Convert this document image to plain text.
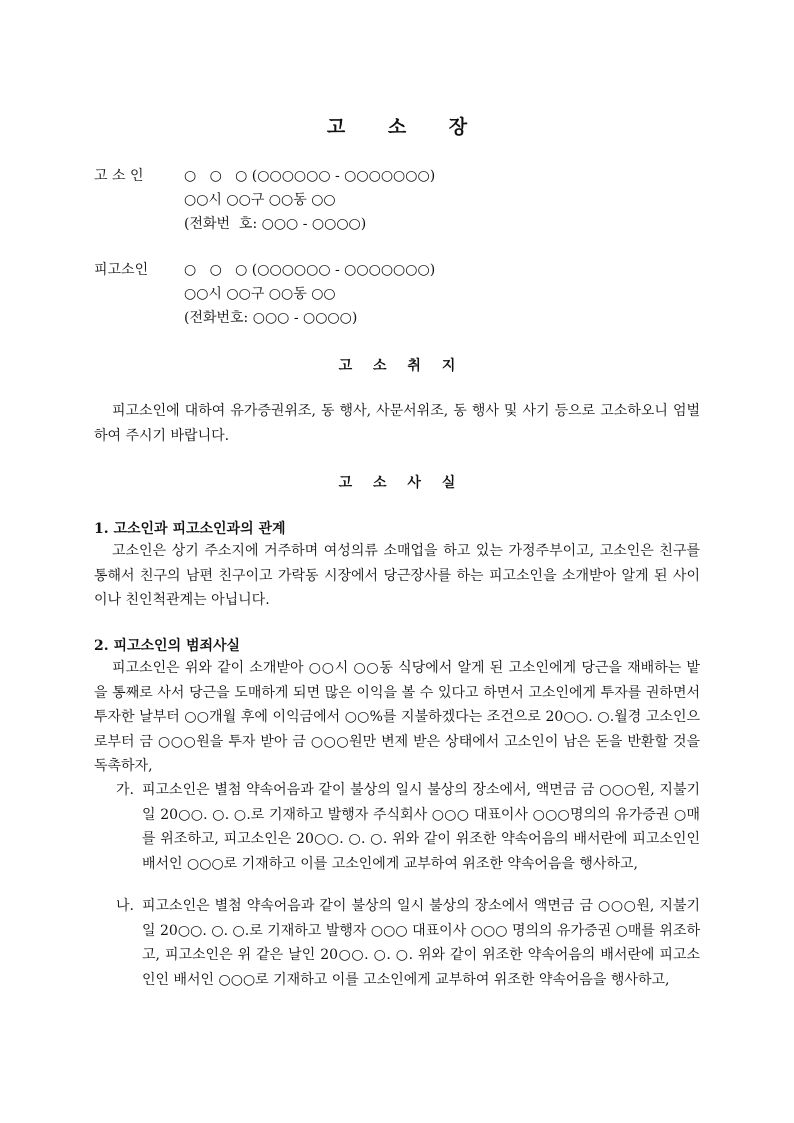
고 소 장
고 소 인	○   ○   ○ (○○○○○○ - ○○○○○○○)
○○시 ○○구 ○○동 ○○
(전화번  호: ○○○ - ○○○○)
피고소인	○   ○   ○ (○○○○○○ - ○○○○○○○)
○○시 ○○구 ○○동 ○○
(전화번호: ○○○ - ○○○○)
고 소 취 지
피고소인에 대하여 유가증권위조, 동 행사, 사문서위조, 동 행사 및 사기 등으로 고소하오니 엄벌하여 주시기 바랍니다.
고 소 사 실
1. 고소인과 피고소인과의 관계
고소인은 상기 주소지에 거주하며 여성의류 소매업을 하고 있는 가정주부이고, 고소인은 친구를 통해서 친구의 남편 친구이고 가락동 시장에서 당근장사를 하는 피고소인을 소개받아 알게 된 사이이나 친인척관계는 아닙니다.
2. 피고소인의 범죄사실
피고소인은 위와 같이 소개받아 ○○시 ○○동 식당에서 알게 된 고소인에게 당근을 재배하는 밭을 통째로 사서 당근을 도매하게 되면 많은 이익을 볼 수 있다고 하면서 고소인에게 투자를 권하면서 투자한 날부터 ○○개월 후에 이익금에서 ○○%를 지불하겠다는 조건으로 20○○. ○.월경 고소인으로부터 금 ○○○원을 투자 받아 금 ○○○원만 변제 받은 상태에서 고소인이 남은 돈을 반환할 것을 독촉하자,
가. 피고소인은 별첨 약속어음과 같이 불상의 일시 불상의 장소에서, 액면금 금 ○○○원, 지불기일 20○○. ○. ○.로 기재하고 발행자 주식회사 ○○○ 대표이사 ○○○명의의 유가증권 ○매를 위조하고, 피고소인은 20○○. ○. ○. 위와 같이 위조한 약속어음의 배서란에 피고소인인 배서인 ○○○로 기재하고 이를 고소인에게 교부하여 위조한 약속어음을 행사하고,
나. 피고소인은 별첨 약속어음과 같이 불상의 일시 불상의 장소에서 액면금 금 ○○○원, 지불기일 20○○. ○. ○.로 기재하고 발행자 ○○○ 대표이사 ○○○ 명의의 유가증권 ○매를 위조하고, 피고소인은 위 같은 날인 20○○. ○. ○. 위와 같이 위조한 약속어음의 배서란에 피고소인인 배서인 ○○○로 기재하고 이를 고소인에게 교부하여 위조한 약속어음을 행사하고,
